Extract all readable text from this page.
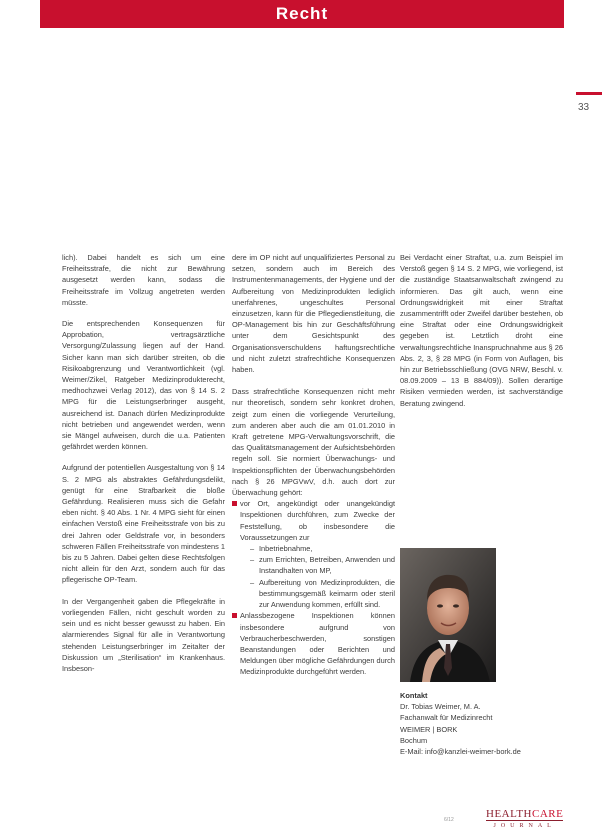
Recht
33

lich). Dabei handelt es sich um eine Freiheitsstrafe, die nicht zur Bewährung ausgesetzt werden kann, sodass die Freiheitsstrafe im Vollzug angetreten werden müsste.

Die entsprechenden Konsequenzen für Approbation, vertragsärztliche Versorgung/Zulassung liegen auf der Hand. Sicher kann man sich darüber streiten, ob die Risikoabgrenzung und Verantwortlichkeit (vgl. Weimer/Zikel, Ratgeber Medizinprodukterecht, medhochzwei Verlag 2012), das von § 14 S. 2 MPG für die Leistungserbringer ausgeht, ausreichend ist. Danach dürfen Medizinprodukte nicht betrieben und angewendet werden, wenn sie Mängel aufweisen, durch die u.a. Patienten gefährdet werden können.

Aufgrund der potentiellen Ausgestaltung von § 14 S. 2 MPG als abstraktes Gefährdungsdelikt, genügt für eine Strafbarkeit die bloße Gefährdung. Realisieren muss sich die Gefahr eben nicht. § 40 Abs. 1 Nr. 4 MPG sieht für einen einfachen Verstoß eine Freiheitsstrafe von bis zu drei Jahren oder Geldstrafe vor, in besonders schweren Fällen Freiheitsstrafe von mindestens 1 bis zu 5 Jahren. Dabei gelten diese Rechtsfolgen nicht allein für den Arzt, sondern auch für das pflegerische OP-Team.

In der Vergangenheit gaben die Pflegekräfte in vorliegenden Fällen, nicht geschult worden zu sein und es nicht besser gewusst zu haben. Ein alarmierendes Signal für alle in Verantwortung stehenden Leistungserbringer im Zeitalter der Diskussion um „Sterilisation“ im Krankenhaus. Insbeson-

dere im OP nicht auf unqualifiziertes Personal zu setzen, sondern auch im Bereich des Instrumentenmanagements, der Hygiene und der Aufbereitung von Medizinprodukten lediglich unerfahrenes, ungeschultes Personal einzusetzen, kann für die Pflegedienstleitung, die OP-Management bis hin zur Geschäftsführung unter dem Gesichtspunkt des Organisationsverschuldens haftungsrechtliche und nicht zuletzt strafrechtliche Konsequenzen haben.

Dass strafrechtliche Konsequenzen nicht mehr nur theoretisch, sondern sehr konkret drohen, zeigt zum einen die vorliegende Verurteilung, zum anderen aber auch die am 01.01.2010 in Kraft getretene MPG-Verwaltungsvorschrift, die das Qualitätsmanagement der Aufsichtsbehörden regeln soll. Sie normiert Überwachungs- und Inspektionspflichten der Überwachungsbehörden nach § 26 MPGVwV, d.h. auch dort zur Überwachung gehört:

vor Ort, angekündigt oder unangekündigt Inspektionen durchführen, zum Zwecke der Feststellung, ob insbesondere die Voraussetzungen zur
– Inbetriebnahme,
– zum Errichten, Betreiben, Anwenden und Instandhalten von MP,
– Aufbereitung von Medizinprodukten, die bestimmungsgemäß keimarm oder steril zur Anwendung kommen, erfüllt sind.
Anlassbezogene Inspektionen können insbesondere aufgrund von Verbraucherbeschwerden, sonstigen Beanstandungen oder Berichten und Meldungen über mögliche Gefährdungen durch Medizinprodukte durchgeführt werden.

Bei Verdacht einer Straftat, u.a. zum Beispiel im Verstoß gegen § 14 S. 2 MPG, wie vorliegend, ist die zuständige Staatsanwaltschaft zwingend zu informieren. Das gilt auch, wenn eine Ordnungswidrigkeit mit einer Straftat zusammentrifft oder Zweifel darüber bestehen, ob eine Straftat oder eine Ordnungswidrigkeit gegeben ist. Letztlich droht eine verwaltungsrechtliche Inanspruchnahme aus § 26 Abs. 2, 3, § 28 MPG (in Form von Auflagen, bis hin zur Betriebsschließung (OVG NRW, Beschl. v. 08.09.2009 – 13 B 884/09)). Sollen derartige Risiken vermieden werden, ist sachverständige Beratung zwingend.

Kontakt
Dr. Tobias Weimer, M. A.
Fachanwalt für Medizinrecht
WEIMER | BORK
Bochum
E-Mail: info@kanzlei-weimer-bork.de
6/12	HEALTHCARE
JOURNAL
